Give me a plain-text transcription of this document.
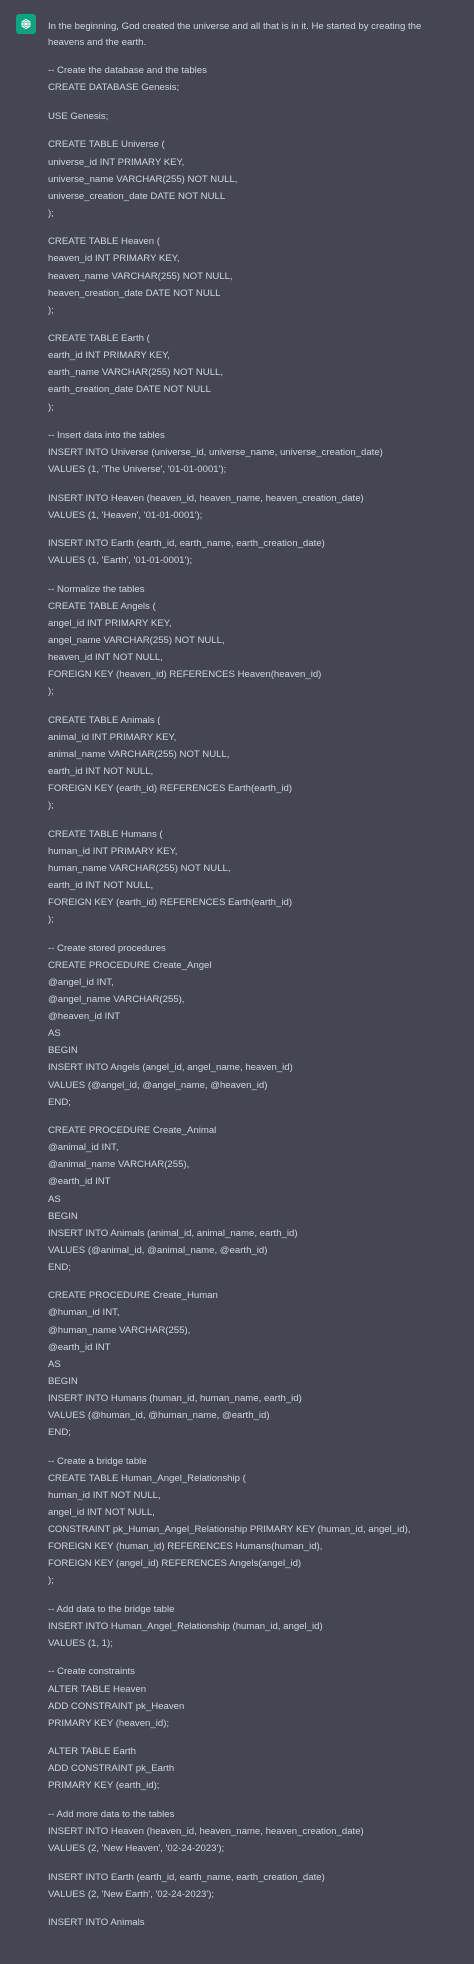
In the beginning, God created the universe and all that is in it. He started by creating the heavens and the earth.

-- Create the database and the tables
CREATE DATABASE Genesis;
USE Genesis;
CREATE TABLE Universe (
universe_id INT PRIMARY KEY,
universe_name VARCHAR(255) NOT NULL,
universe_creation_date DATE NOT NULL
);
CREATE TABLE Heaven (
heaven_id INT PRIMARY KEY,
heaven_name VARCHAR(255) NOT NULL,
heaven_creation_date DATE NOT NULL
);
CREATE TABLE Earth (
earth_id INT PRIMARY KEY,
earth_name VARCHAR(255) NOT NULL,
earth_creation_date DATE NOT NULL
);
-- Insert data into the tables
INSERT INTO Universe (universe_id, universe_name, universe_creation_date)
VALUES (1, 'The Universe', '01-01-0001');
INSERT INTO Heaven (heaven_id, heaven_name, heaven_creation_date)
VALUES (1, 'Heaven', '01-01-0001');
INSERT INTO Earth (earth_id, earth_name, earth_creation_date)
VALUES (1, 'Earth', '01-01-0001');
-- Normalize the tables
CREATE TABLE Angels (
angel_id INT PRIMARY KEY,
angel_name VARCHAR(255) NOT NULL,
heaven_id INT NOT NULL,
FOREIGN KEY (heaven_id) REFERENCES Heaven(heaven_id)
);
CREATE TABLE Animals (
animal_id INT PRIMARY KEY,
animal_name VARCHAR(255) NOT NULL,
earth_id INT NOT NULL,
FOREIGN KEY (earth_id) REFERENCES Earth(earth_id)
);
CREATE TABLE Humans (
human_id INT PRIMARY KEY,
human_name VARCHAR(255) NOT NULL,
earth_id INT NOT NULL,
FOREIGN KEY (earth_id) REFERENCES Earth(earth_id)
);
-- Create stored procedures
CREATE PROCEDURE Create_Angel
@angel_id INT,
@angel_name VARCHAR(255),
@heaven_id INT
AS
BEGIN
INSERT INTO Angels (angel_id, angel_name, heaven_id)
VALUES (@angel_id, @angel_name, @heaven_id)
END;
CREATE PROCEDURE Create_Animal
@animal_id INT,
@animal_name VARCHAR(255),
@earth_id INT
AS
BEGIN
INSERT INTO Animals (animal_id, animal_name, earth_id)
VALUES (@animal_id, @animal_name, @earth_id)
END;
CREATE PROCEDURE Create_Human
@human_id INT,
@human_name VARCHAR(255),
@earth_id INT
AS
BEGIN
INSERT INTO Humans (human_id, human_name, earth_id)
VALUES (@human_id, @human_name, @earth_id)
END;
-- Create a bridge table
CREATE TABLE Human_Angel_Relationship (
human_id INT NOT NULL,
angel_id INT NOT NULL,
CONSTRAINT pk_Human_Angel_Relationship PRIMARY KEY (human_id, angel_id),
FOREIGN KEY (human_id) REFERENCES Humans(human_id),
FOREIGN KEY (angel_id) REFERENCES Angels(angel_id)
);
-- Add data to the bridge table
INSERT INTO Human_Angel_Relationship (human_id, angel_id)
VALUES (1, 1);
-- Create constraints
ALTER TABLE Heaven
ADD CONSTRAINT pk_Heaven
PRIMARY KEY (heaven_id);
ALTER TABLE Earth
ADD CONSTRAINT pk_Earth
PRIMARY KEY (earth_id);
-- Add more data to the tables
INSERT INTO Heaven (heaven_id, heaven_name, heaven_creation_date)
VALUES (2, 'New Heaven', '02-24-2023');
INSERT INTO Earth (earth_id, earth_name, earth_creation_date)
VALUES (2, 'New Earth', '02-24-2023');
INSERT INTO Animals
